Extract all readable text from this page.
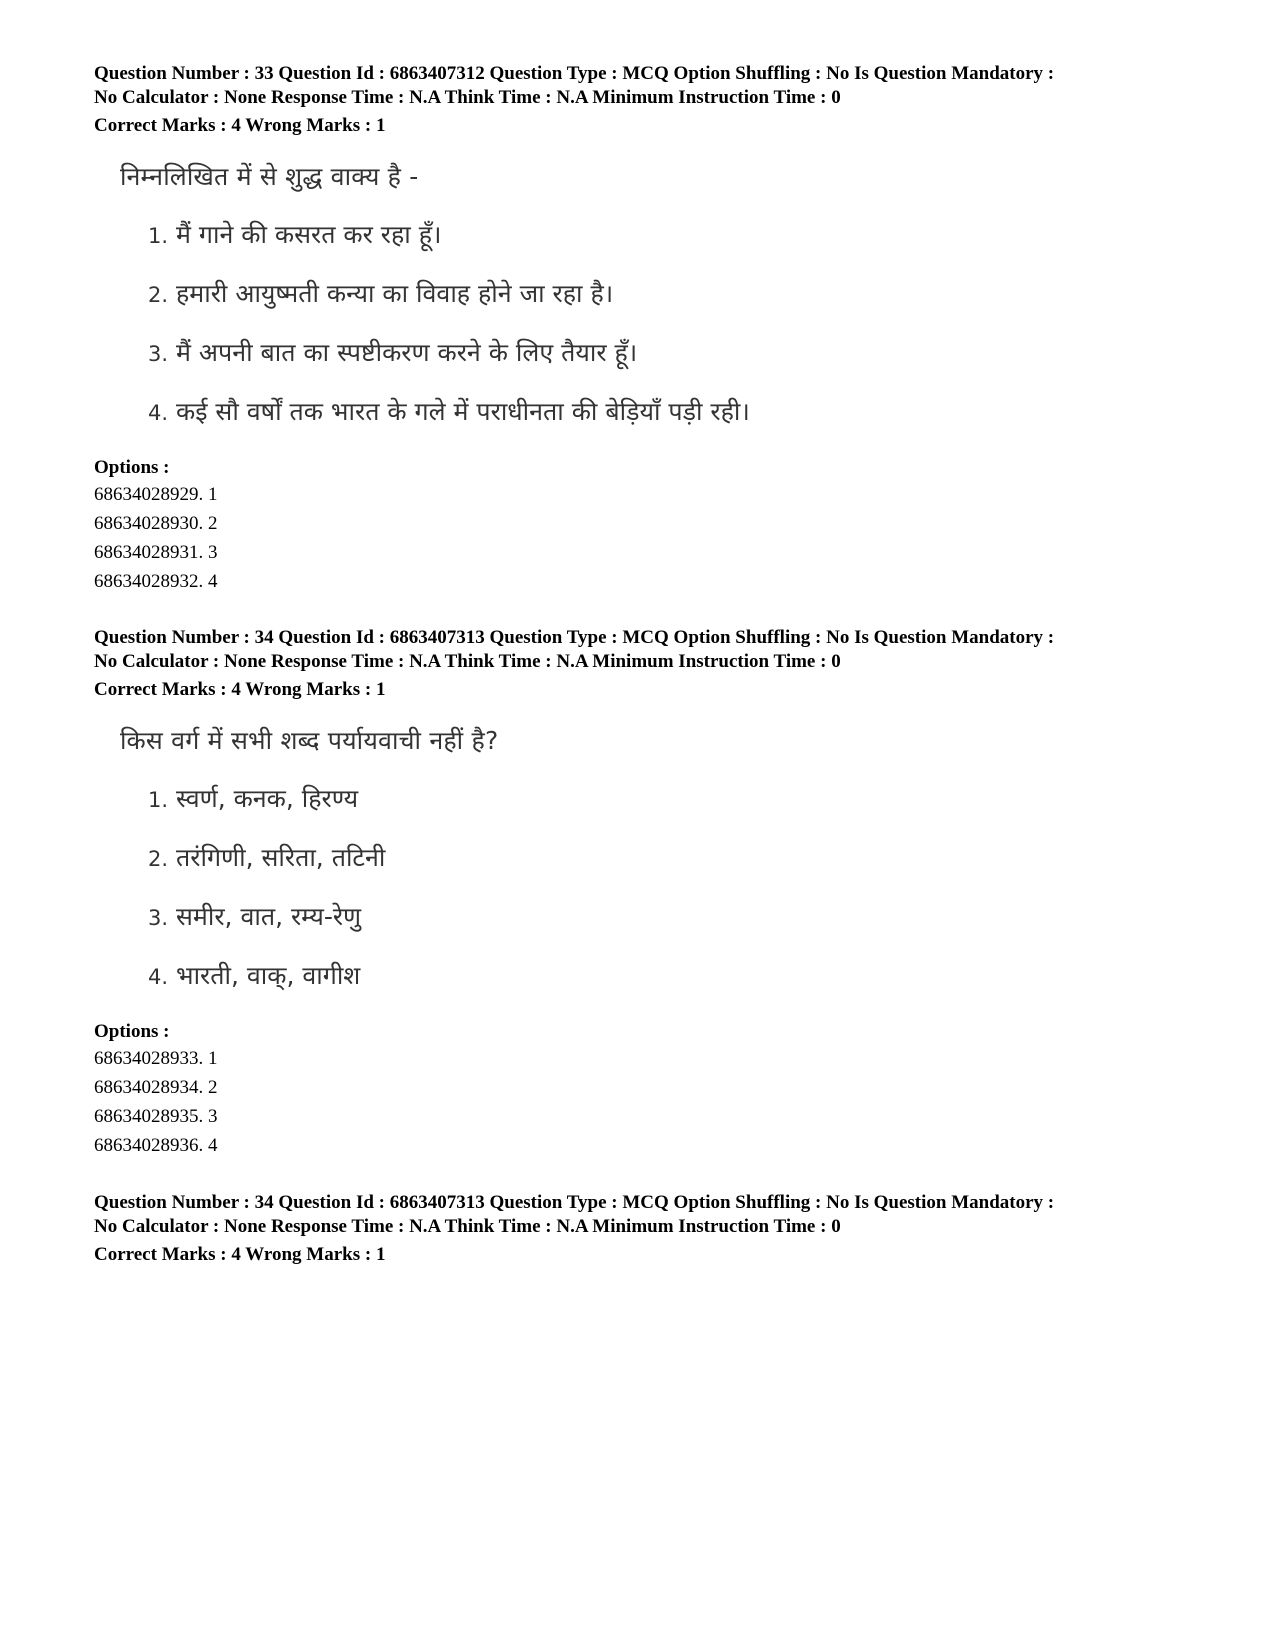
Question Number : 33 Question Id : 6863407312 Question Type : MCQ Option Shuffling : No Is Question Mandatory :
No Calculator : None Response Time : N.A Think Time : N.A Minimum Instruction Time : 0
Correct Marks : 4 Wrong Marks : 1
निम्नलिखित में से शुद्ध वाक्य है -
1. मैं गाने की कसरत कर रहा हूँ।
2. हमारी आयुष्मती कन्या का विवाह होने जा रहा है।
3. मैं अपनी बात का स्पष्टीकरण करने के लिए तैयार हूँ।
4. कई सौ वर्षों तक भारत के गले में पराधीनता की बेड़ियाँ पड़ी रही।
Options :
68634028929. 1
68634028930. 2
68634028931. 3
68634028932. 4
Question Number : 34 Question Id : 6863407313 Question Type : MCQ Option Shuffling : No Is Question Mandatory :
No Calculator : None Response Time : N.A Think Time : N.A Minimum Instruction Time : 0
Correct Marks : 4 Wrong Marks : 1
किस वर्ग में सभी शब्द पर्यायवाची नहीं है?
1. स्वर्ण, कनक, हिरण्य
2. तरंगिणी, सरिता, तटिनी
3. समीर, वात, रम्य-रेणु
4. भारती, वाक्, वागीश
Options :
68634028933. 1
68634028934. 2
68634028935. 3
68634028936. 4
Question Number : 34 Question Id : 6863407313 Question Type : MCQ Option Shuffling : No Is Question Mandatory :
No Calculator : None Response Time : N.A Think Time : N.A Minimum Instruction Time : 0
Correct Marks : 4 Wrong Marks : 1
